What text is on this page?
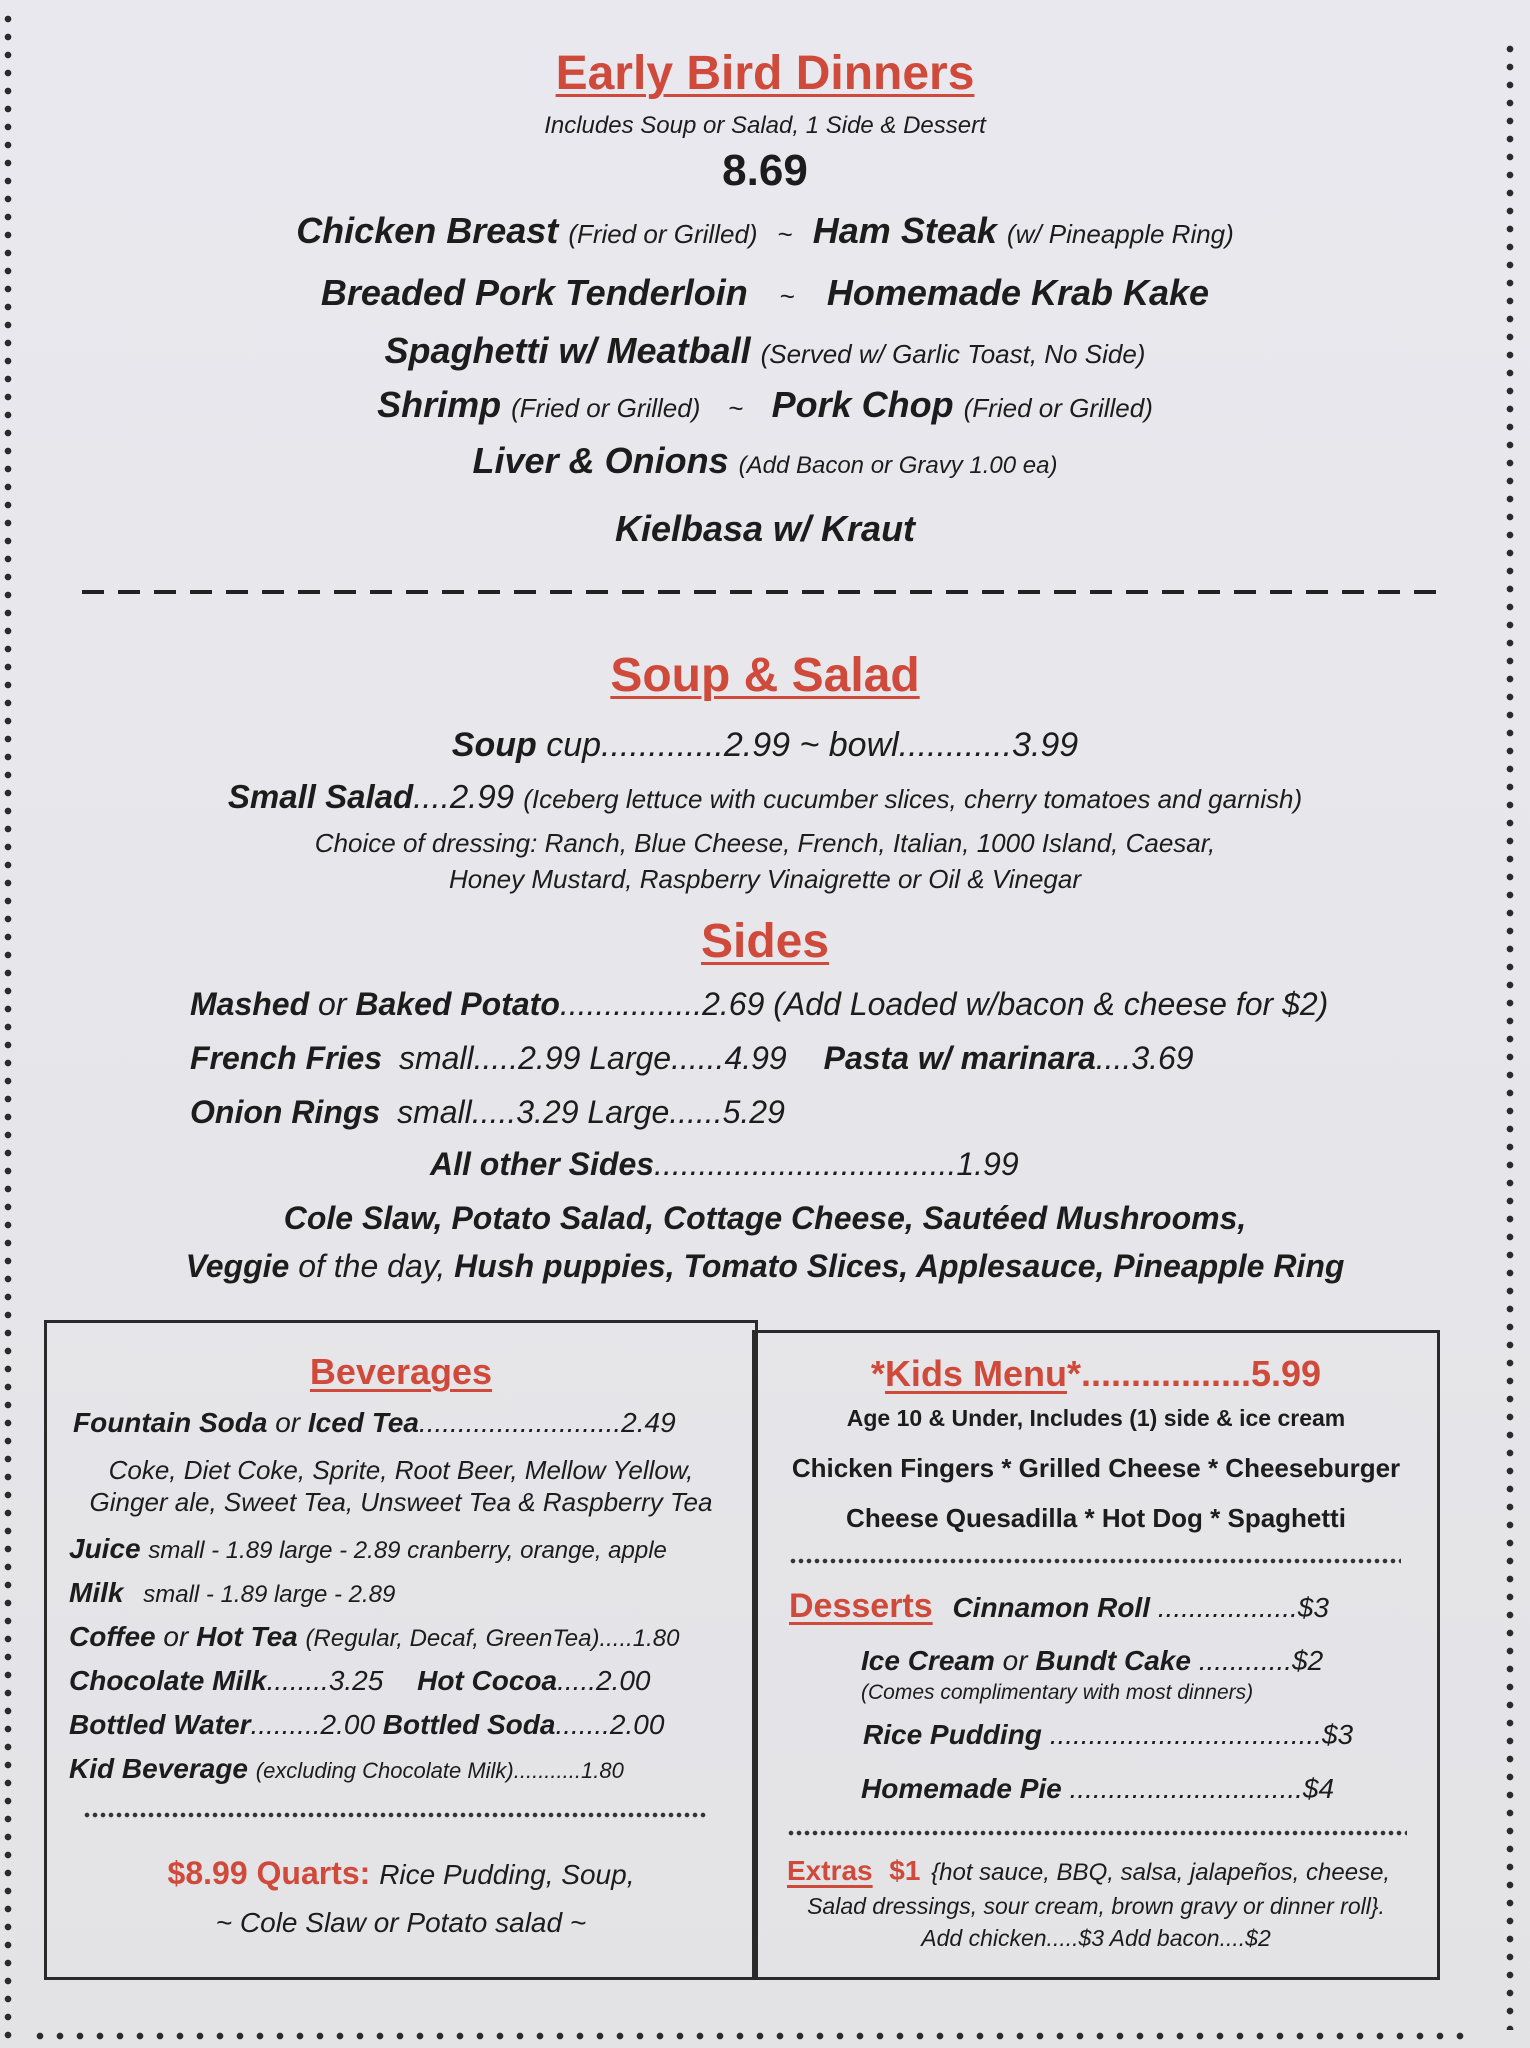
Early Bird Dinners
Includes Soup or Salad, 1 Side & Dessert
8.69
Chicken Breast (Fried or Grilled) ~ Ham Steak (w/ Pineapple Ring)
Breaded Pork Tenderloin ~ Homemade Krab Kake
Spaghetti w/ Meatball (Served w/ Garlic Toast, No Side)
Shrimp (Fried or Grilled) ~ Pork Chop (Fried or Grilled)
Liver & Onions (Add Bacon or Gravy 1.00 ea)
Kielbasa w/ Kraut
Soup & Salad
Soup cup.............2.99 ~ bowl............3.99
Small Salad....2.99 (Iceberg lettuce with cucumber slices, cherry tomatoes and garnish)
Choice of dressing: Ranch, Blue Cheese, French, Italian, 1000 Island, Caesar,
Honey Mustard, Raspberry Vinaigrette or Oil & Vinegar
Sides
Mashed or Baked Potato................2.69 (Add Loaded w/bacon & cheese for $2)
French Fries small.....2.99 Large......4.99 Pasta w/ marinara....3.69
Onion Rings small.....3.29 Large......5.29
All other Sides..................................1.99
Cole Slaw, Potato Salad, Cottage Cheese, Sautéed Mushrooms,
Veggie of the day, Hush puppies, Tomato Slices, Applesauce, Pineapple Ring
Beverages
Fountain Soda or Iced Tea..........................2.49
Coke, Diet Coke, Sprite, Root Beer, Mellow Yellow,
Ginger ale, Sweet Tea, Unsweet Tea & Raspberry Tea
Juice small - 1.89 large - 2.89 cranberry, orange, apple
Milk small - 1.89 large - 2.89
Coffee or Hot Tea (Regular, Decaf, GreenTea).....1.80
Chocolate Milk........3.25 Hot Cocoa.....2.00
Bottled Water.........2.00 Bottled Soda.......2.00
Kid Beverage (excluding Chocolate Milk)...........1.80
$8.99 Quarts: Rice Pudding, Soup,
~ Cole Slaw or Potato salad ~
*Kids Menu*.................5.99
Age 10 & Under, Includes (1) side & ice cream
Chicken Fingers * Grilled Cheese * Cheeseburger
Cheese Quesadilla * Hot Dog * Spaghetti
Desserts Cinnamon Roll ..................$3
Ice Cream or Bundt Cake ............$2
(Comes complimentary with most dinners)
Rice Pudding ...................................$3
Homemade Pie ..............................$4
Extras $1 {hot sauce, BBQ, salsa, jalapeños, cheese,
Salad dressings, sour cream, brown gravy or dinner roll}.
Add chicken.....$3 Add bacon....$2
